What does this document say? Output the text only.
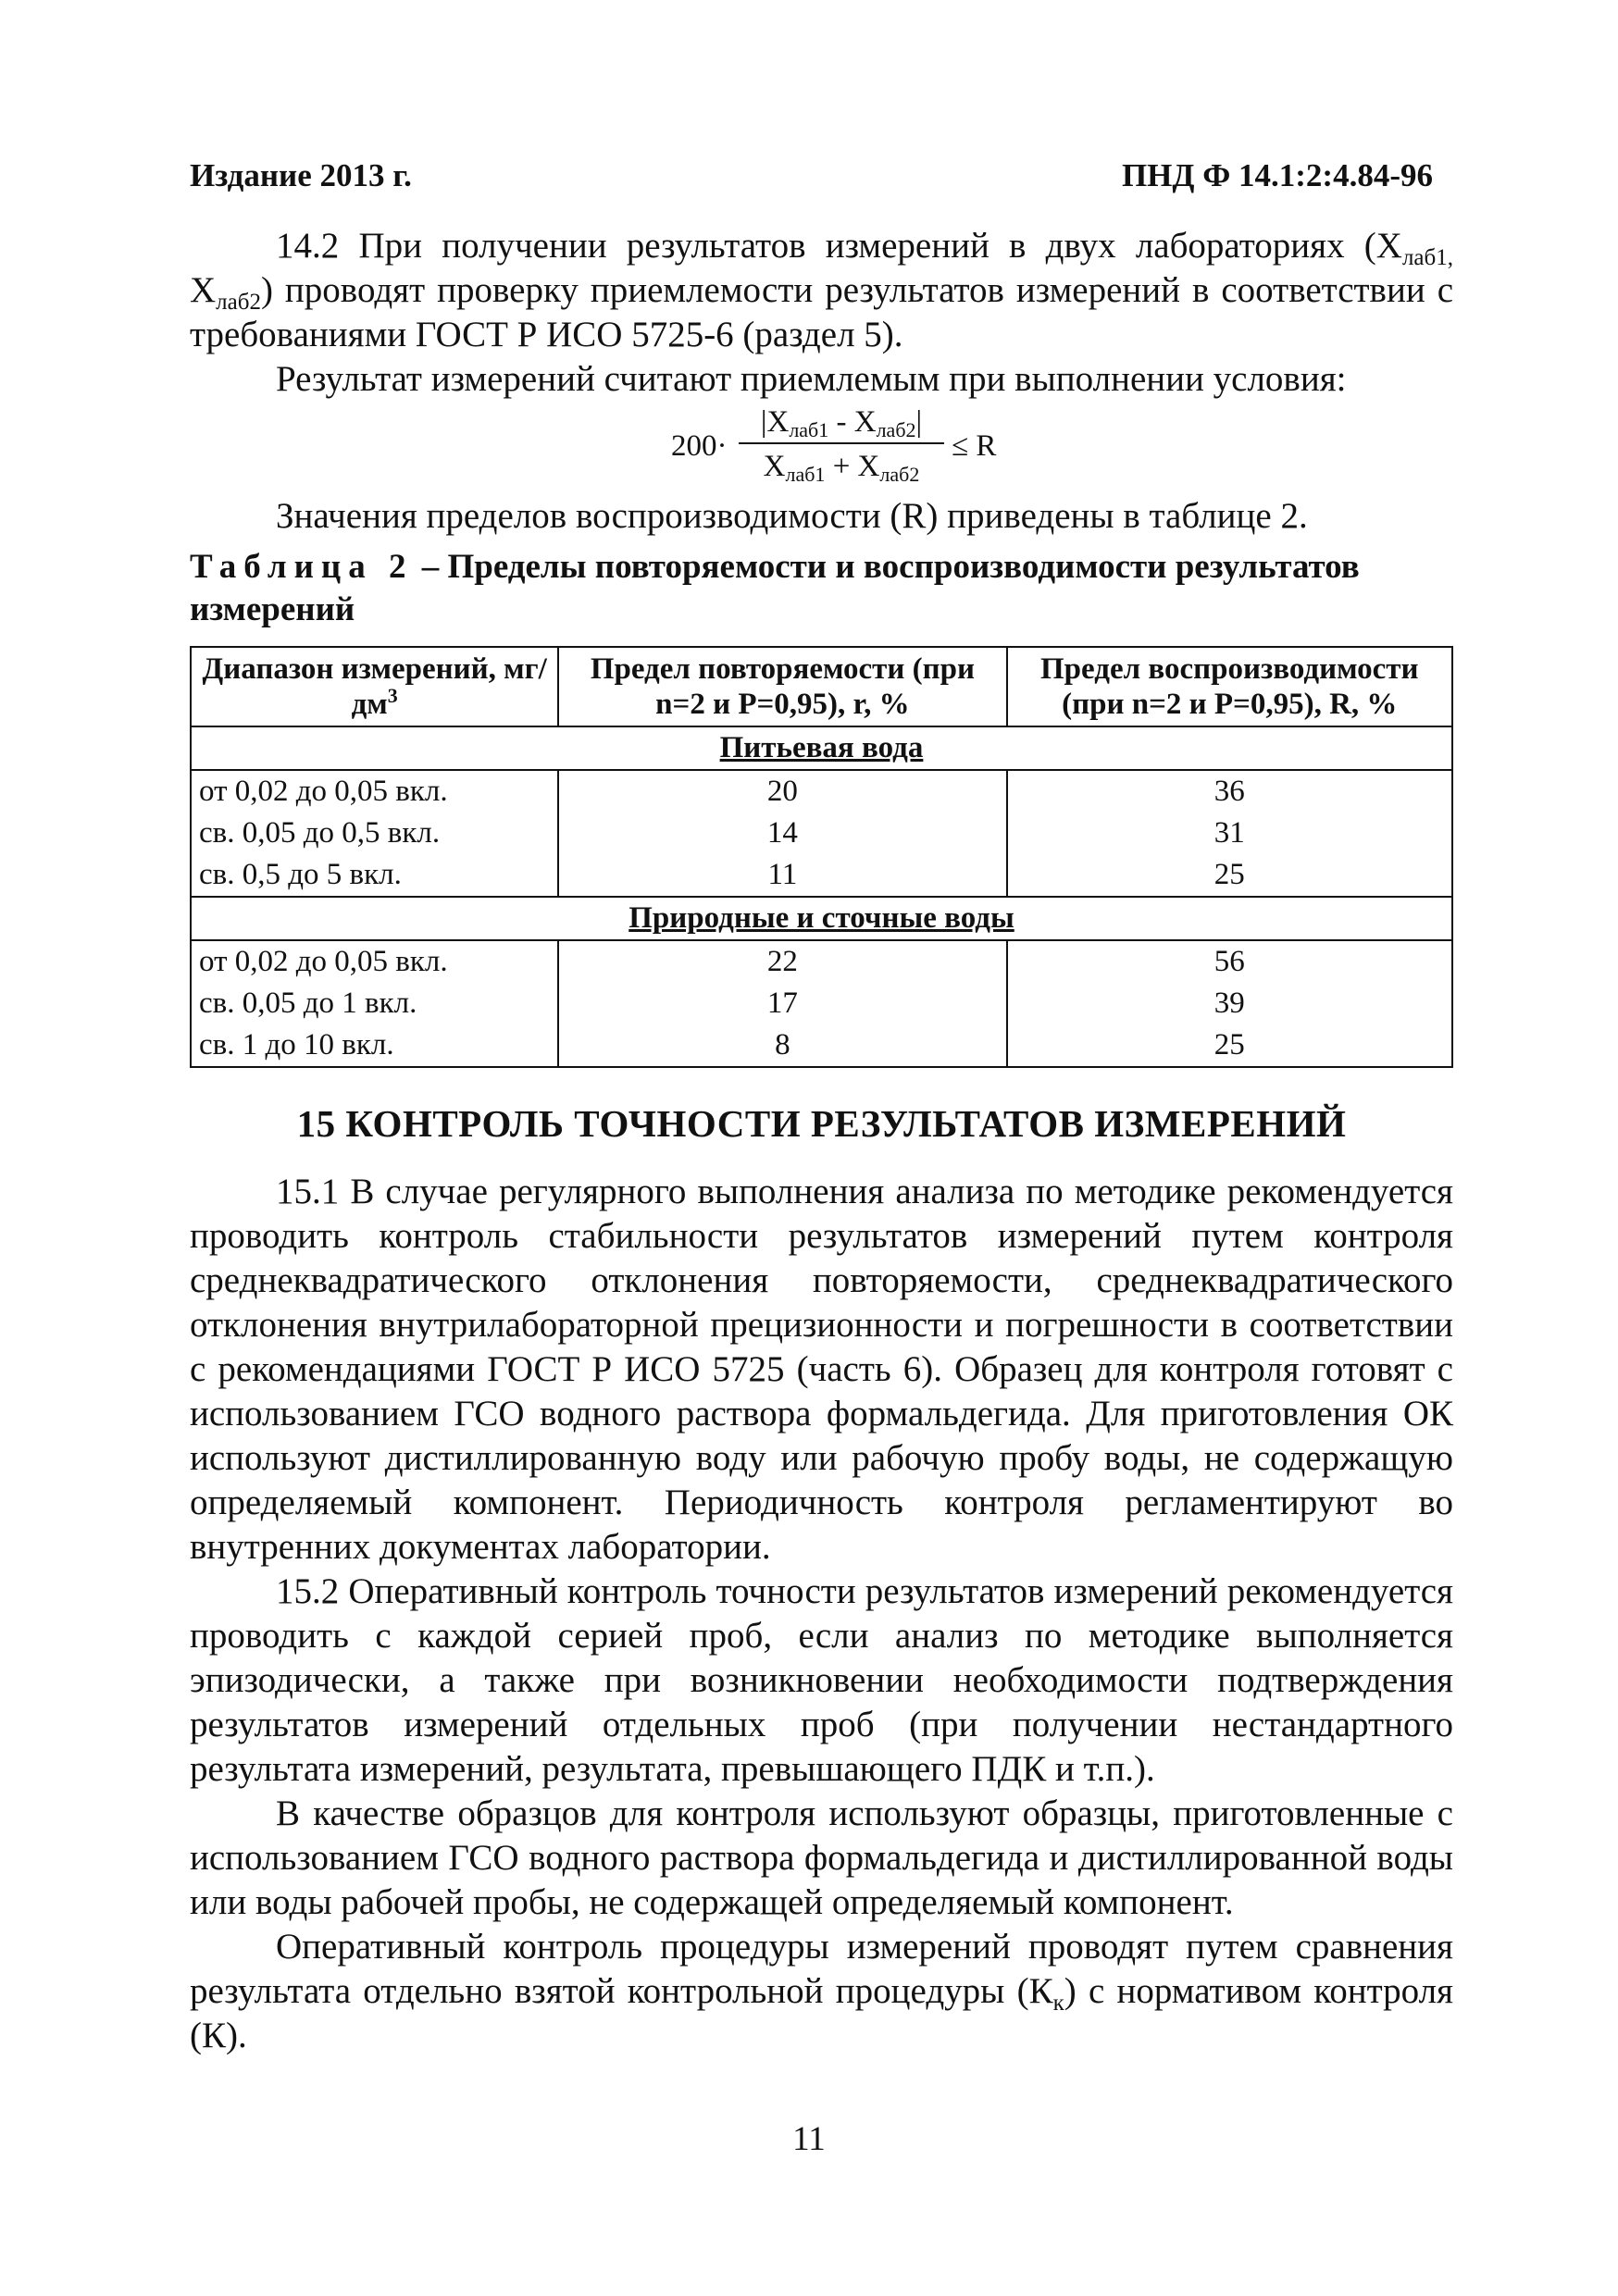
Издание 2013 г.	ПНД Ф 14.1:2:4.84-96

14.2 При получении результатов измерений в двух лабораториях ($Х_{лаб1,}$ $Х_{лаб2}$) проводят проверку приемлемости результатов измерений в соответствии с требованиями ГОСТ Р ИСО 5725-6 (раздел 5).

Результат измерений считают приемлемым при выполнении условия:

200·
|Xлаб1 - Xлаб2|
Xлаб1 + Xлаб2
≤ R

Значения пределов воспроизводимости (R) приведены в таблице 2.

Таблица 2 – Пределы повторяемости и воспроизводимости результатов измерений

Диапазон измерений, $мг/дм^3$	Предел повторяемости (при n=2 и P=0,95), r, %	Предел воспроизводимости (при n=2 и P=0,95), R, %
Питьевая вода		
от 0,02 до 0,05 вкл.	20	36
св. 0,05 до 0,5 вкл.	14	31
св. 0,5 до 5 вкл.	11	25
Природные и сточные воды		
от 0,02 до 0,05 вкл.	22	56
св. 0,05 до 1 вкл.	17	39
св. 1 до 10 вкл.	8	25
15 КОНТРОЛЬ ТОЧНОСТИ РЕЗУЛЬТАТОВ ИЗМЕРЕНИЙ

15.1 В случае регулярного выполнения анализа по методике рекомендуется проводить контроль стабильности результатов измерений путем контроля среднеквадратического отклонения повторяемости, среднеквадратического отклонения внутрилабораторной прецизионности и погрешности в соответствии с рекомендациями ГОСТ Р ИСО 5725 (часть 6). Образец для контроля готовят с использованием ГСО водного раствора формальдегида. Для приготовления ОК используют дистиллированную воду или рабочую пробу воды, не содержащую определяемый компонент. Периодичность контроля регламентируют во внутренних документах лаборатории.

15.2 Оперативный контроль точности результатов измерений рекомендуется проводить с каждой серией проб, если анализ по методике выполняется эпизодически, а также при возникновении необходимости подтверждения результатов измерений отдельных проб (при получении нестандартного результата измерений, результата, превышающего ПДК и т.п.).

В качестве образцов для контроля используют образцы, приготовленные с использованием ГСО водного раствора формальдегида и дистиллированной воды или воды рабочей пробы, не содержащей определяемый компонент.

Оперативный контроль процедуры измерений проводят путем сравнения результата отдельно взятой контрольной процедуры $(К_к)$ с нормативом контроля (К).

11
